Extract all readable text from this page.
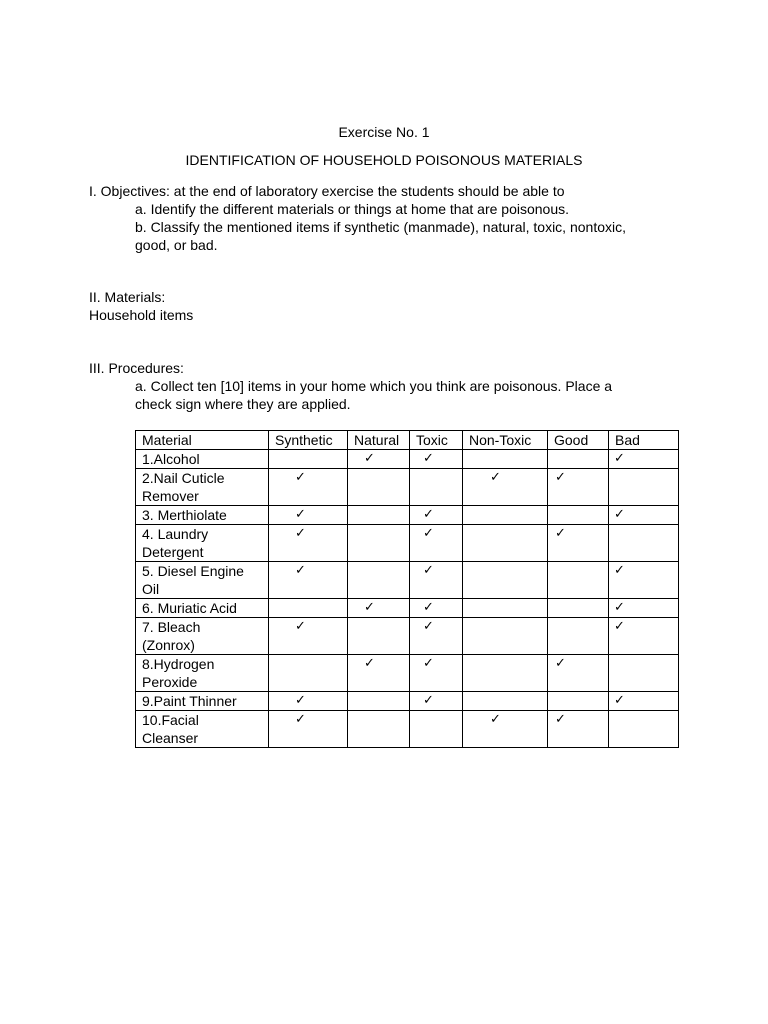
Exercise No. 1
IDENTIFICATION OF HOUSEHOLD POISONOUS MATERIALS
I. Objectives: at the end of laboratory exercise the students should be able to
a. Identify the different materials or things at home that are poisonous.
b. Classify the mentioned items if synthetic (manmade), natural, toxic, nontoxic,
good, or bad.
II. Materials:
Household items
III. Procedures:
a. Collect ten [10] items in your home which you think are poisonous. Place a
check sign where they are applied.
Material	Synthetic	Natural	Toxic	Non-Toxic	Good	Bad

1.Alcohol		✓	✓			✓

2.Nail Cuticle
Remover	✓			✓	✓	

3. Merthiolate	✓		✓			✓

4. Laundry
Detergent	✓		✓		✓	

5. Diesel Engine
Oil	✓		✓			✓

6. Muriatic Acid		✓	✓			✓

7. Bleach
(Zonrox)	✓		✓			✓

8.Hydrogen
Peroxide		✓	✓		✓	

9.Paint Thinner	✓		✓			✓

10.Facial
Cleanser	✓			✓	✓	
